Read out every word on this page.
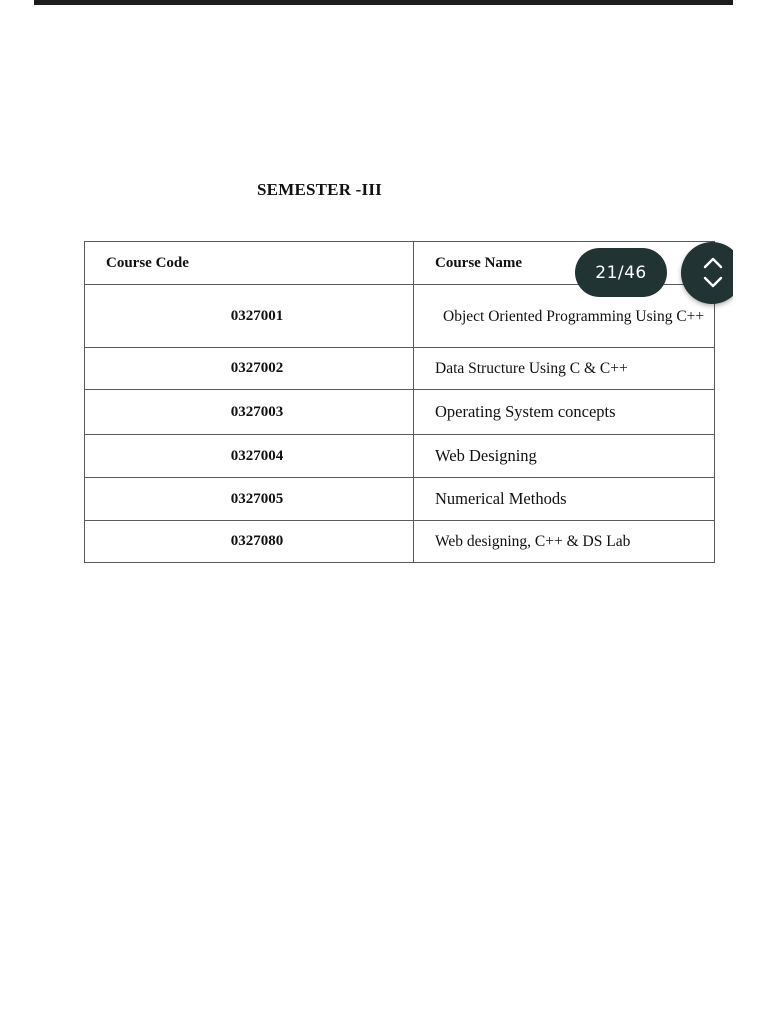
SEMESTER -III
Course Code	Course Name
0327001	Object Oriented Programming Using C++
0327002	Data Structure Using C & C++
0327003	Operating System concepts
0327004	Web Designing
0327005	Numerical Methods
0327080	Web designing, C++ & DS Lab
21/46
